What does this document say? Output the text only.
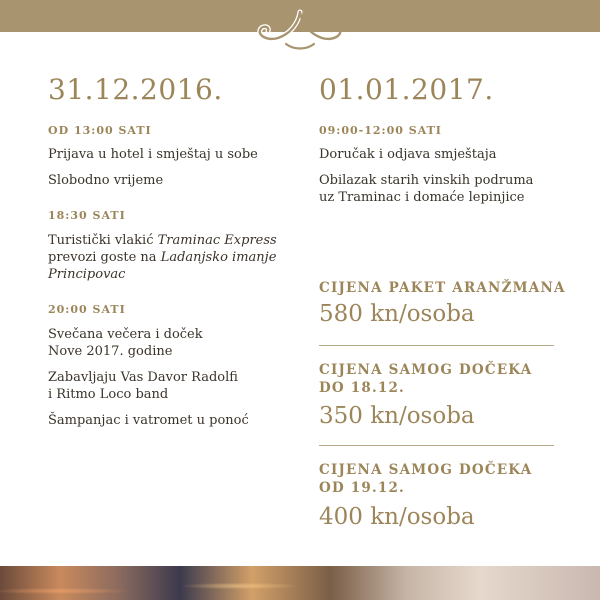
31.12.2016.
OD 13:00 SATI
Prijava u hotel i smještaj u sobe
Slobodno vrijeme
18:30 SATI
Turistički vlakić Traminac Express
prevozi goste na Ladanjsko imanje
Principovac
20:00 SATI
Svečana večera i doček
Nove 2017. godine
Zabavljaju Vas Davor Radolfi
i Ritmo Loco band
Šampanjac i vatromet u ponoć
01.01.2017.
09:00-12:00 SATI
Doručak i odjava smještaja
Obilazak starih vinskih podruma
uz Traminac i domaće lepinjice
CIJENA PAKET ARANŽMANA
580 kn/osoba
CIJENA SAMOG DOČEKA
DO 18.12.
350 kn/osoba
CIJENA SAMOG DOČEKA
OD 19.12.
400 kn/osoba
